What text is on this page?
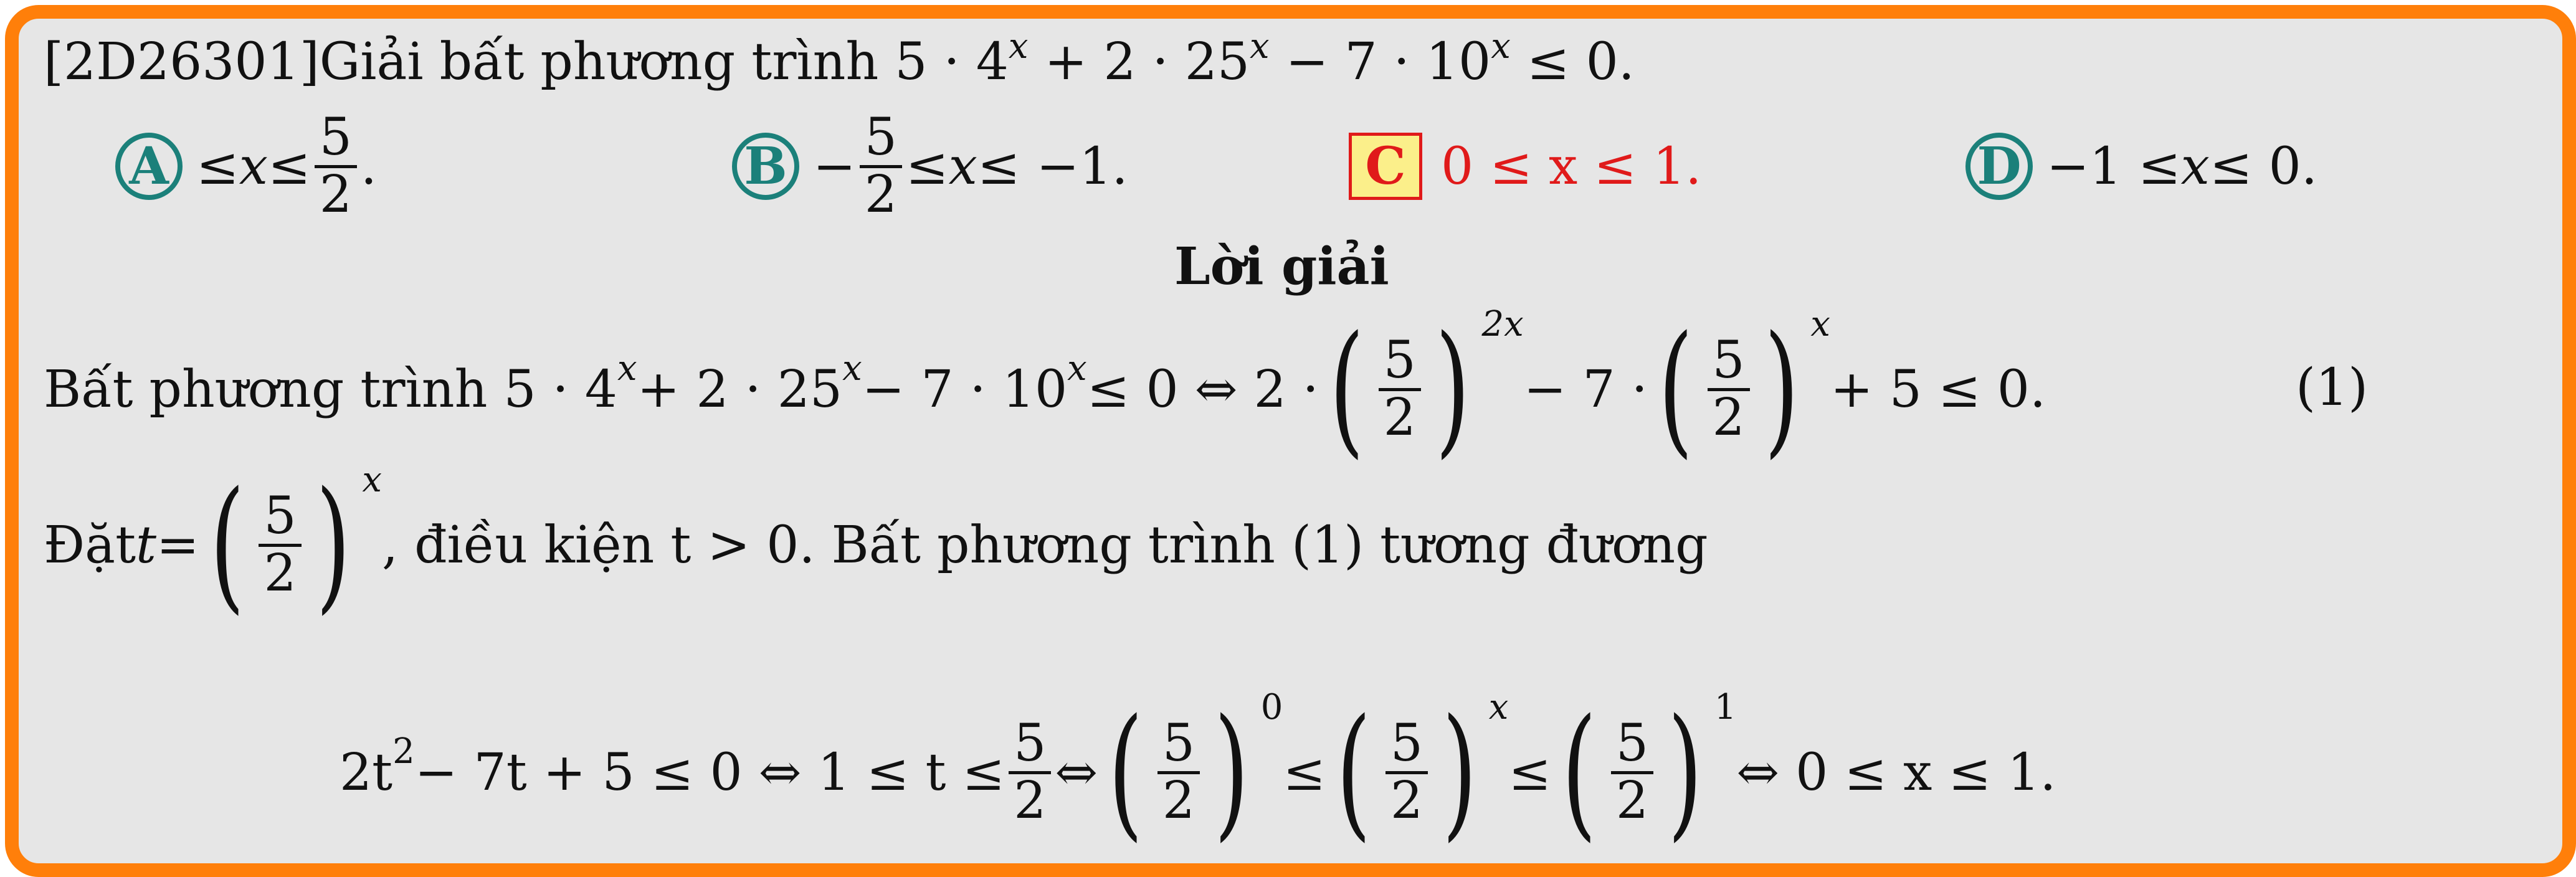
[2D26301] Giải bất phương trình
$5 \cdot 4^x + 2 \cdot 25^x - 7 \cdot 10^x \le 0$.
$A \le x \le \frac{5}{2}$ .	$B - \frac{5}{2} \le x \le -1$.	C 0 ≤ x ≤ 1.	D −1 ≤ x ≤ 0.
Lời giải
Bất phương trình 5 · 4 x + 2 · 25 x − 7 · 10 x ≤ 0 ⇔ 2 · ( $\frac{5}{2}$ ) 2x
− 7 · ( $\frac{5}{2}$ ) x
+ 5 ≤ 0.	(1)
Đặt t = ( $\frac{5}{2}$ ) x
, điều kiện t > 0. Bất phương trình (1) tương đương
2t 2 − 7t + 5 ≤ 0 ⇔ $1 \le t \le \frac{5}{2}$ ⇔ ( $\frac{5}{2}$ ) 0
≤ ( $\frac{5}{2}$ ) x
≤ ( $\frac{5}{2}$ ) 1
⇔ 0 ≤ x ≤ 1.
